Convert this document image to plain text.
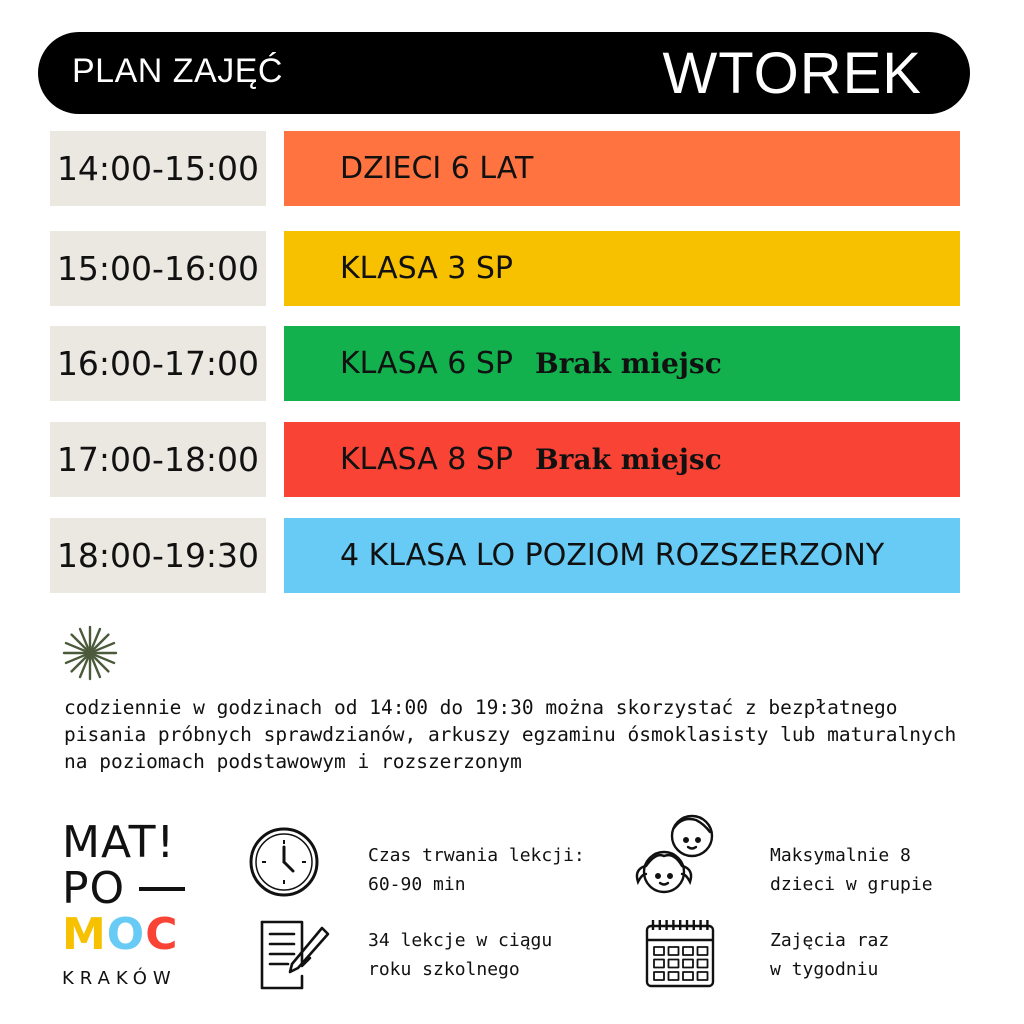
PLAN ZAJĘĆ	WTOREK
14:00-15:00	DZIECI 6 LAT
15:00-16:00	KLASA 3 SP
16:00-17:00	KLASA 6 SP Brak miejsc
17:00-18:00	KLASA 8 SP Brak miejsc
18:00-19:30	4 KLASA LO POZIOM ROZSZERZONY
codziennie w godzinach od 14:00 do 19:30 można skorzystać z bezpłatnego
pisania próbnych sprawdzianów, arkuszy egzaminu ósmoklasisty lub maturalnych
na poziomach podstawowym i rozszerzonym
MAT!
PO
MOC
KRAKÓW
Czas trwania lekcji:
60-90 min
Maksymalnie 8
dzieci w grupie
34 lekcje w ciągu
roku szkolnego
Zajęcia raz
w tygodniu
